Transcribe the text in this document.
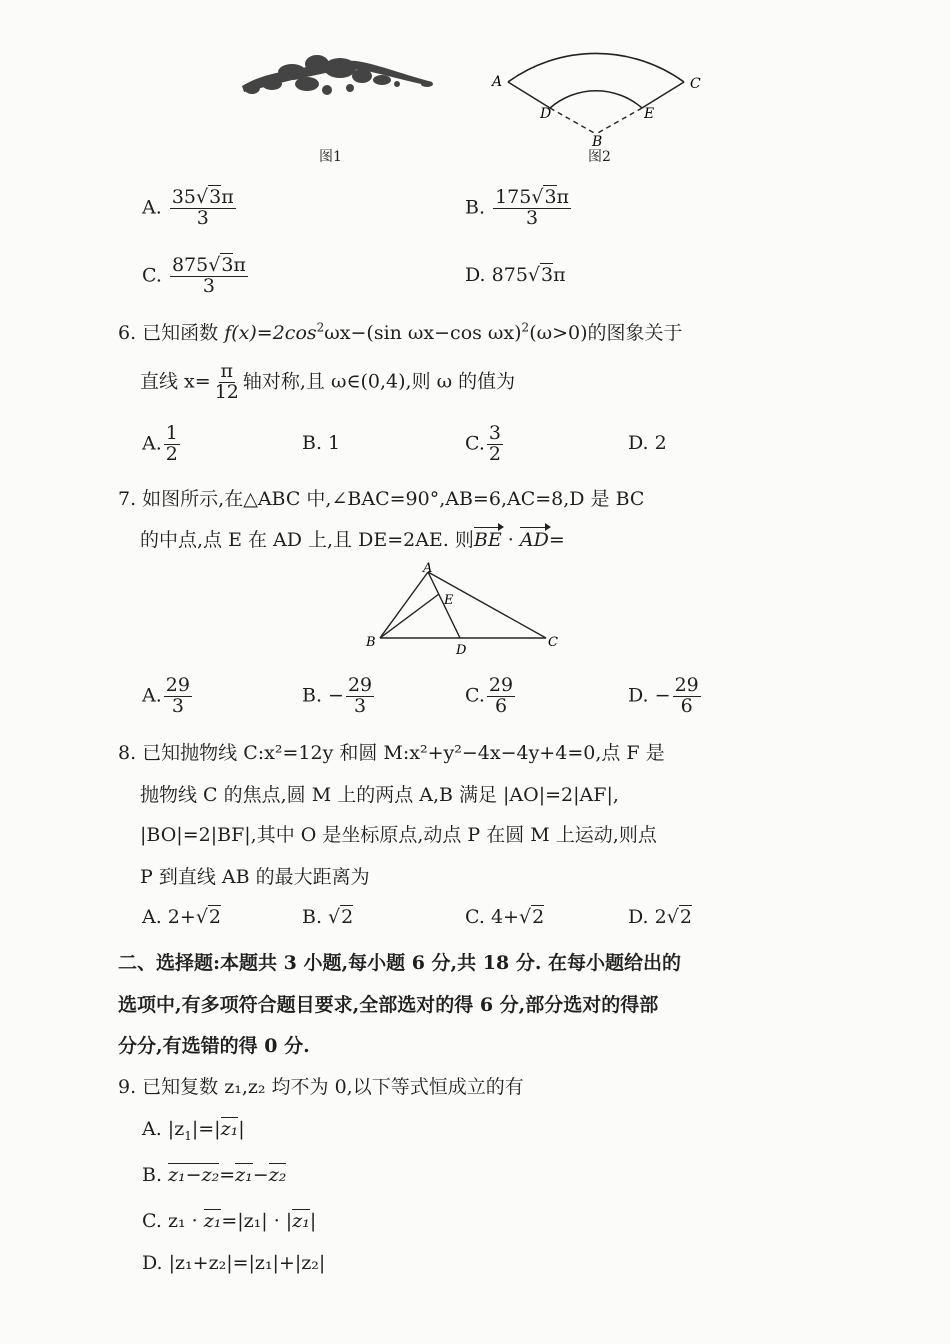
图1
A	C
D	E
B
图2
A. $\frac{35√3\pi}{3}$	B. $\frac{175√3\pi}{3}$
C. $\frac{875√3\pi}{3}$	D. 875√3π
6. 已知函数 $f(x)=2\cos^2\omega x-(\sin$ ωx−cos ωx)$^2$(ω>0)的图象关于
直线 $x= \frac{\pi}{12}$ 轴对称,且 ω∈(0,4),则 ω 的值为
A. $\frac{1}{2}$	B. 1	C. $\frac{3}{2}$	D. 2
7. 如图所示,在△ABC 中,∠BAC=90°,AB=6,AC=8,D 是 BC
的中点,点 E 在 AD 上,且 DE=2AE. 则BE · AD=
A
E
B
D
C
A. $\frac{29}{3}$	B. − $\frac{29}{3}$	C. $\frac{29}{6}$	D. − $\frac{29}{6}$
8. 已知抛物线 C:x²=12y 和圆 M:x²+y²−4x−4y+4=0,点 F 是
抛物线 C 的焦点,圆 M 上的两点 A,B 满足 |AO|=2|AF|,
|BO|=2|BF|,其中 O 是坐标原点,动点 P 在圆 M 上运动,则点
P 到直线 AB 的最大距离为
A. 2+√2	B. √2	C. 4+√2	D. 2√2
二、选择题:本题共 3 小题,每小题 6 分,共 18 分. 在每小题给出的
选项中,有多项符合题目要求,全部选对的得 6 分,部分选对的得部
分分,有选错的得 0 分.
9. 已知复数 z₁,z₂ 均不为 0,以下等式恒成立的有
A. $|z_1|=|z_1|$
B. z₁−z₂=z₁−z₂
C. z₁ · z₁=|z₁| · |z₁|
D. |z₁+z₂|=|z₁|+|z₂|
